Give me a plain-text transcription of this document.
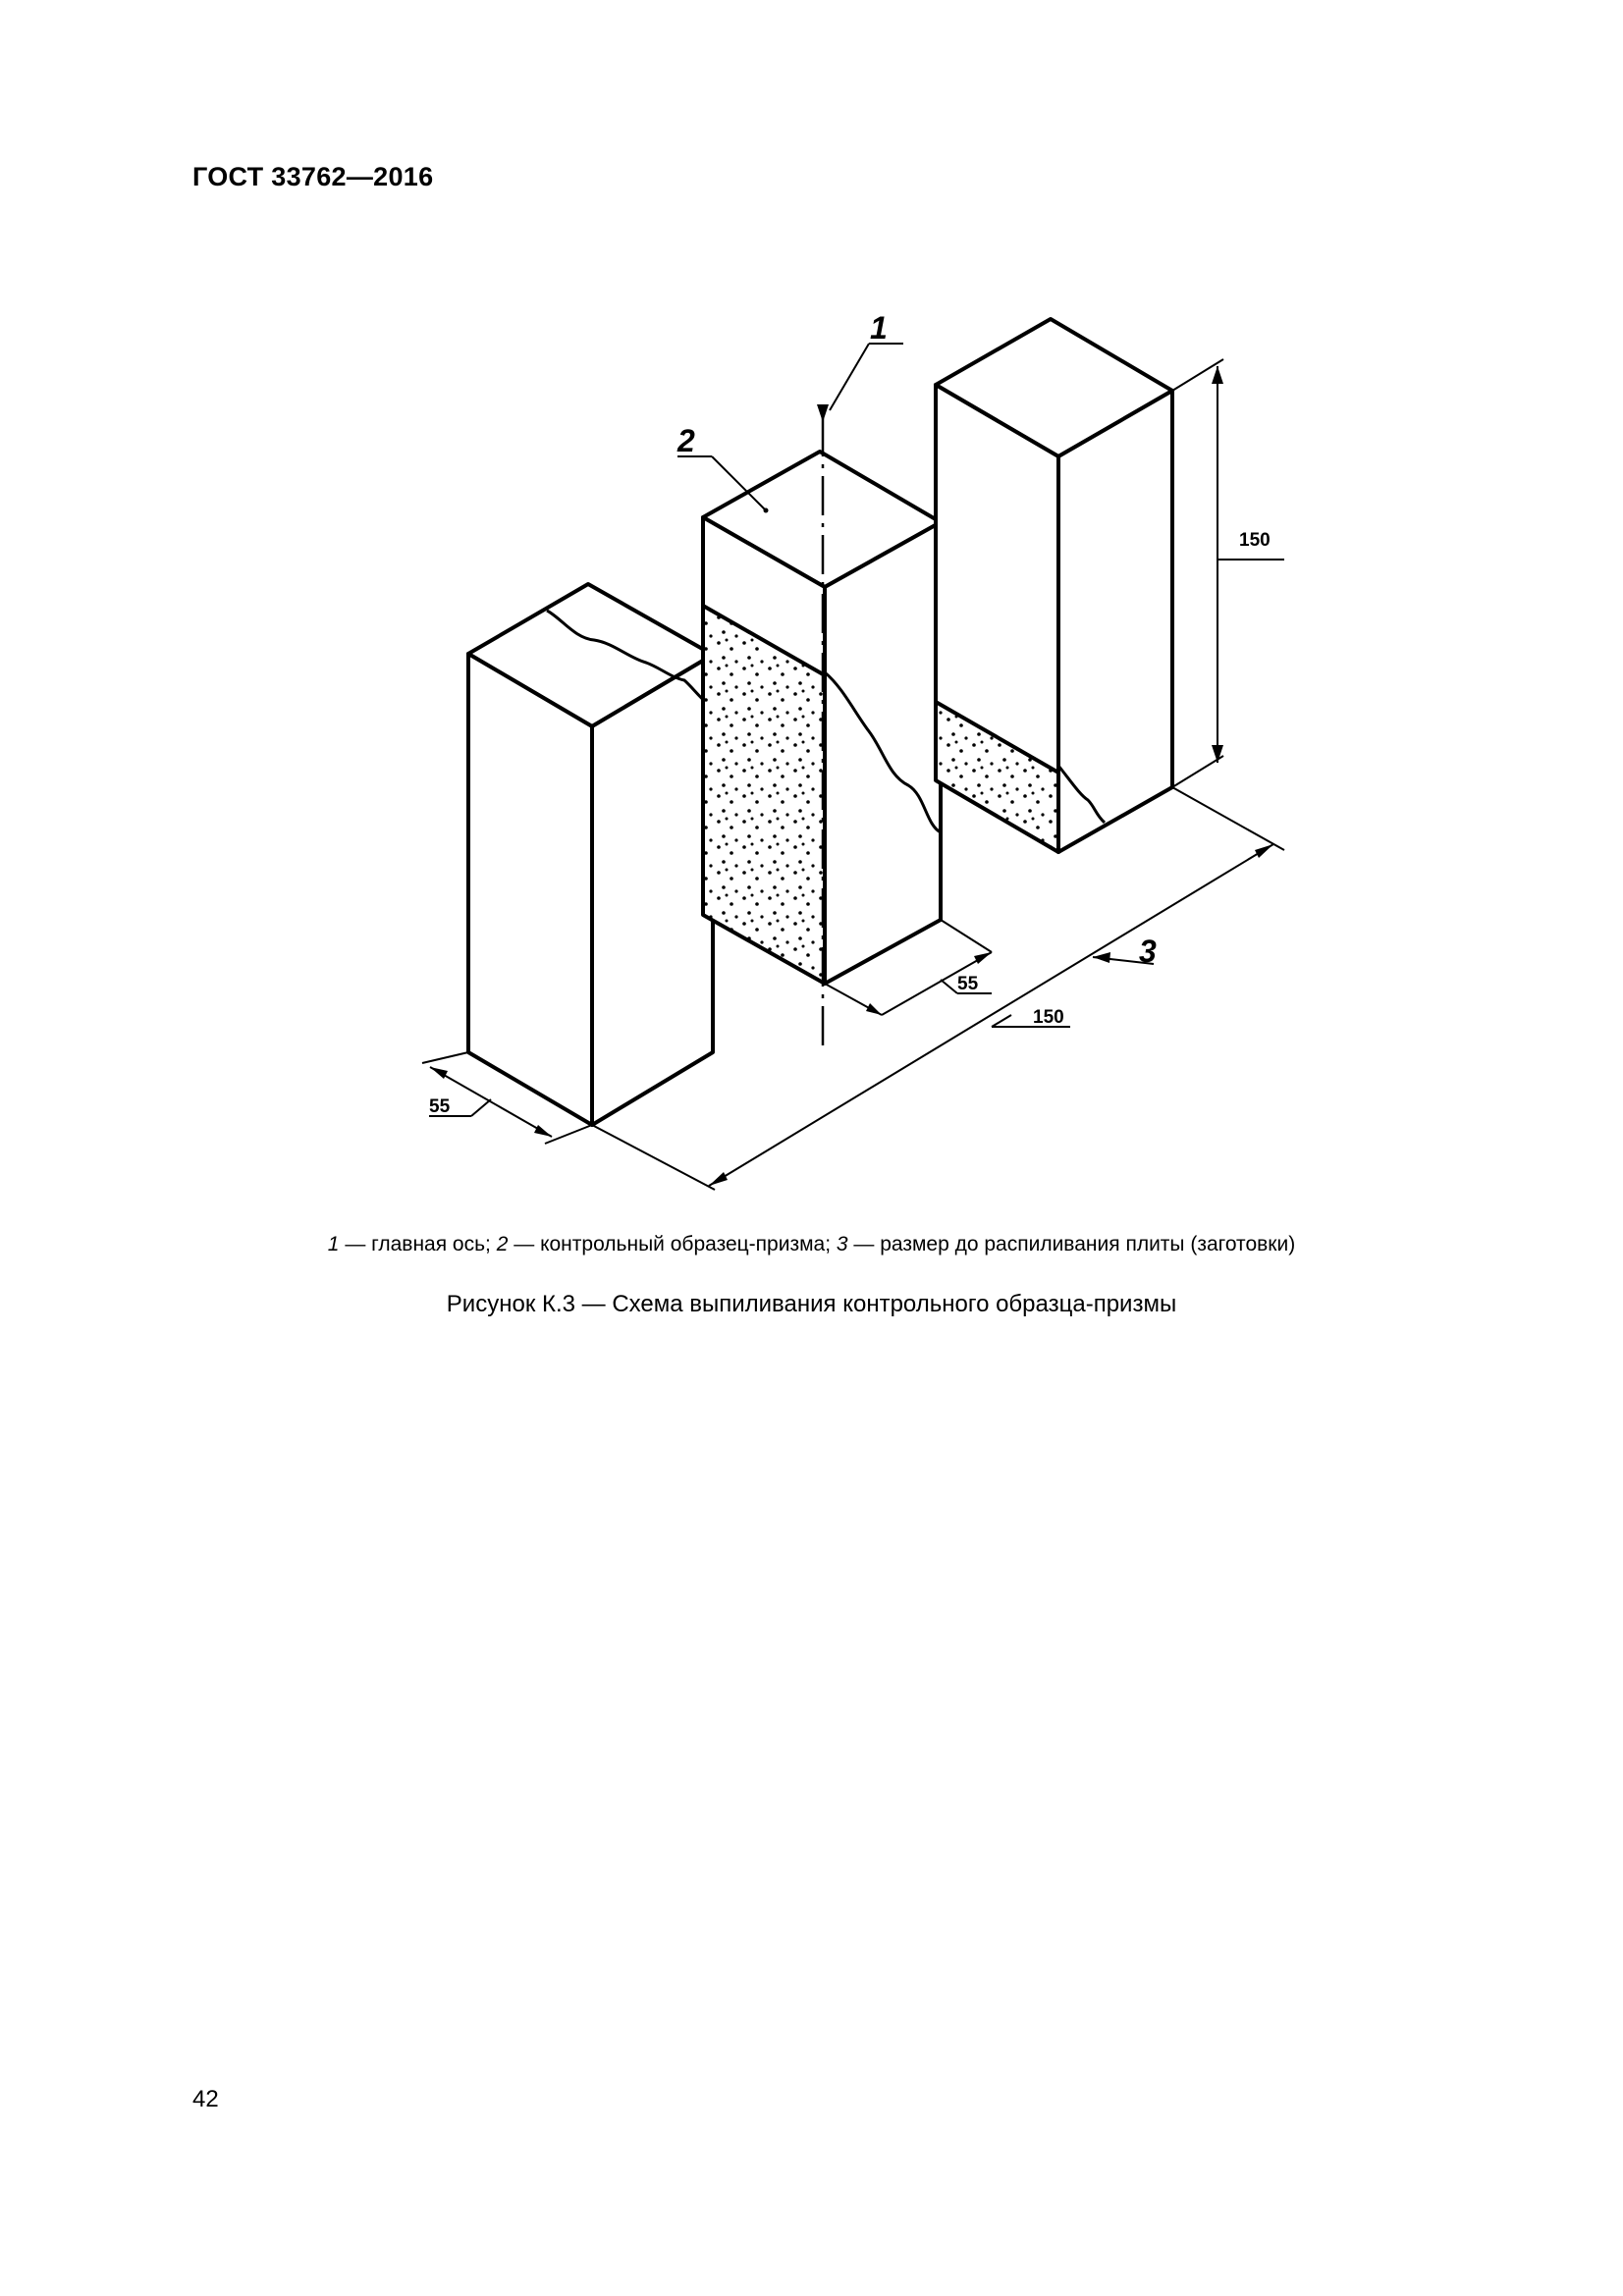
ГОСТ 33762—2016
55
55
150
150
1
2
3
1 — главная ось; 2 — контрольный образец-призма; 3 — размер до распиливания плиты (заготовки)
Рисунок К.3 — Схема выпиливания контрольного образца-призмы
42
